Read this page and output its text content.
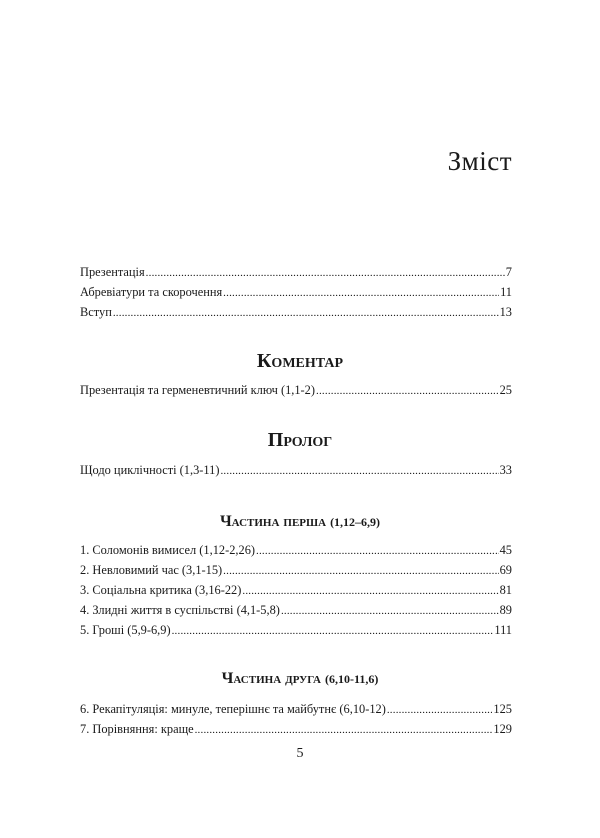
Зміст
Презентація .....	7
Абревіатури та скорочення .....	11
Вступ .....	13
Коментар
Презентація та герменевтичний ключ (1,1-2) .....	25
Пролог
Щодо циклічності (1,3-11) .....	33
Частина перша (1,12–6,9)
1. Соломонів вимисел (1,12-2,26) .....	45
2. Невловимий час (3,1-15) .....	69
3. Соціальна критика (3,16-22) .....	81
4. Злидні життя в суспільстві (4,1-5,8) .....	89
5. Гроші (5,9-6,9) .....	111
Частина друга (6,10-11,6)
6. Рекапітуляція: минуле, теперішнє та майбутнє (6,10-12) .....	125
7. Порівняння: краще .....	129
5
